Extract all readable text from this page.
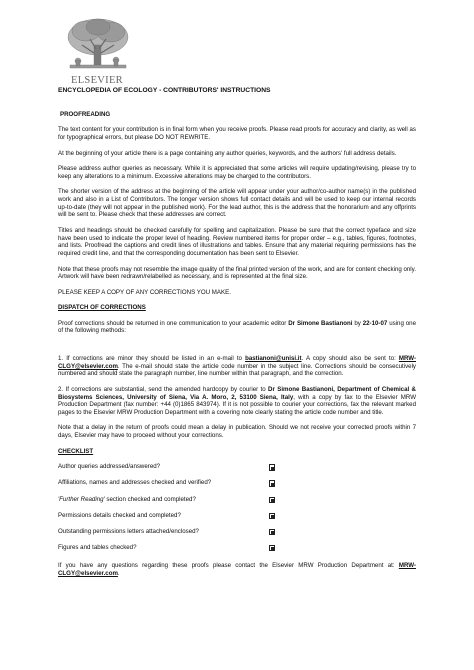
ELSEVIER
ENCYCLOPEDIA OF ECOLOGY - CONTRIBUTORS' INSTRUCTIONS
PROOFREADING

The text content for your contribution is in final form when you receive proofs. Please read proofs for accuracy and clarity, as well as for typographical errors, but please DO NOT REWRITE.

At the beginning of your article there is a page containing any author queries, keywords, and the authors' full address details.

Please address author queries as necessary. While it is appreciated that some articles will require updating/revising, please try to keep any alterations to a minimum. Excessive alterations may be charged to the contributors.

The shorter version of the address at the beginning of the article will appear under your author/co-author name(s) in the published work and also in a List of Contributors. The longer version shows full contact details and will be used to keep our internal records up-to-date (they will not appear in the published work). For the lead author, this is the address that the honorarium and any offprints will be sent to. Please check that these addresses are correct.

Titles and headings should be checked carefully for spelling and capitalization. Please be sure that the correct typeface and size have been used to indicate the proper level of heading. Review numbered items for proper order – e.g., tables, figures, footnotes, and lists. Proofread the captions and credit lines of illustrations and tables. Ensure that any material requiring permissions has the required credit line, and that the corresponding documentation has been sent to Elsevier.

Note that these proofs may not resemble the image quality of the final printed version of the work, and are for content checking only. Artwork will have been redrawn/relabelled as necessary, and is represented at the final size.

PLEASE KEEP A COPY OF ANY CORRECTIONS YOU MAKE.

DISPATCH OF CORRECTIONS

Proof corrections should be returned in one communication to your academic editor Dr Simone Bastianoni by 22-10-07 using one of the following methods:

1. If corrections are minor they should be listed in an e-mail to bastianoni@unisi.it. A copy should also be sent to: MRW-CLGY@elsevier.com. The e-mail should state the article code number in the subject line. Corrections should be consecutively numbered and should state the paragraph number, line number within that paragraph, and the correction.

2. If corrections are substantial, send the amended hardcopy by courier to Dr Simone Bastianoni, Department of Chemical & Biosystems Sciences, University of Siena, Via A. Moro, 2, 53100 Siena, Italy, with a copy by fax to the Elsevier MRW Production Department (fax number: +44 (0)1865 843974). If it is not possible to courier your corrections, fax the relevant marked pages to the Elsevier MRW Production Department with a covering note clearly stating the article code number and title.

Note that a delay in the return of proofs could mean a delay in publication. Should we not receive your corrected proofs within 7 days, Elsevier may have to proceed without your corrections.

CHECKLIST

Author queries addressed/answered?
Affiliations, names and addresses checked and verified?
'Further Reading' section checked and completed?
Permissions details checked and completed?
Outstanding permissions letters attached/enclosed?
Figures and tables checked?

If you have any questions regarding these proofs please contact the Elsevier MRW Production Department at: MRW-CLGY@elsevier.com.
